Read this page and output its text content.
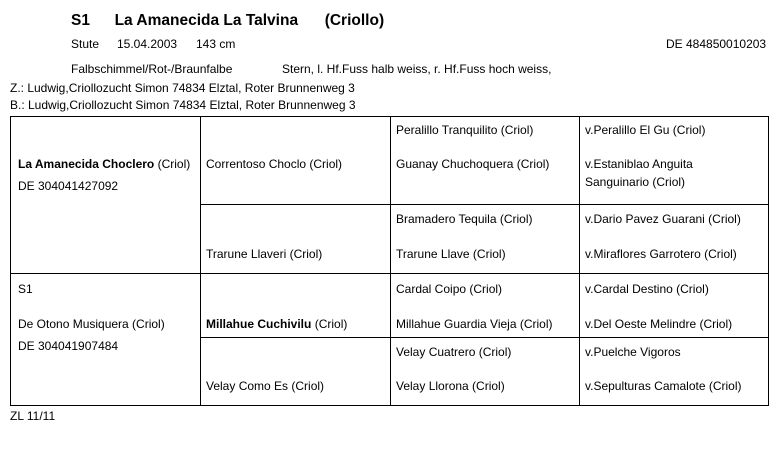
S1 La Amanecida La Talvina (Criollo)
Stute 15.04.2003 143 cm	DE 484850010203
Falbschimmel/Rot-/Braunfalbe	Stern, l. Hf.Fuss halb weiss, r. Hf.Fuss hoch weiss,
Z.: Ludwig,Criollozucht Simon 74834 Elztal, Roter Brunnenweg 3
B.: Ludwig,Criollozucht Simon 74834 Elztal, Roter Brunnenweg 3
La Amanecida Choclero (Criol)
DE 304041427092
S1
De Otono Musiquera (Criol)
DE 304041907484
Correntoso Choclo (Criol)
Trarune Llaveri (Criol)
Millahue Cuchivilu (Criol)
Velay Como Es (Criol)
Peralillo Tranquilito (Criol)
Guanay Chuchoquera (Criol)
Bramadero Tequila (Criol)
Trarune Llave (Criol)
Cardal Coipo (Criol)
Millahue Guardia Vieja (Criol)
Velay Cuatrero (Criol)
Velay Llorona (Criol)
v.Peralillo El Gu (Criol)
v.Estaniblao Anguita Sanguinario (Criol)
v.Dario Pavez Guarani (Criol)
v.Miraflores Garrotero (Criol)
v.Cardal Destino (Criol)
v.Del Oeste Melindre (Criol)
v.Puelche Vigoros
v.Sepulturas Camalote (Criol)
ZL 11/11
